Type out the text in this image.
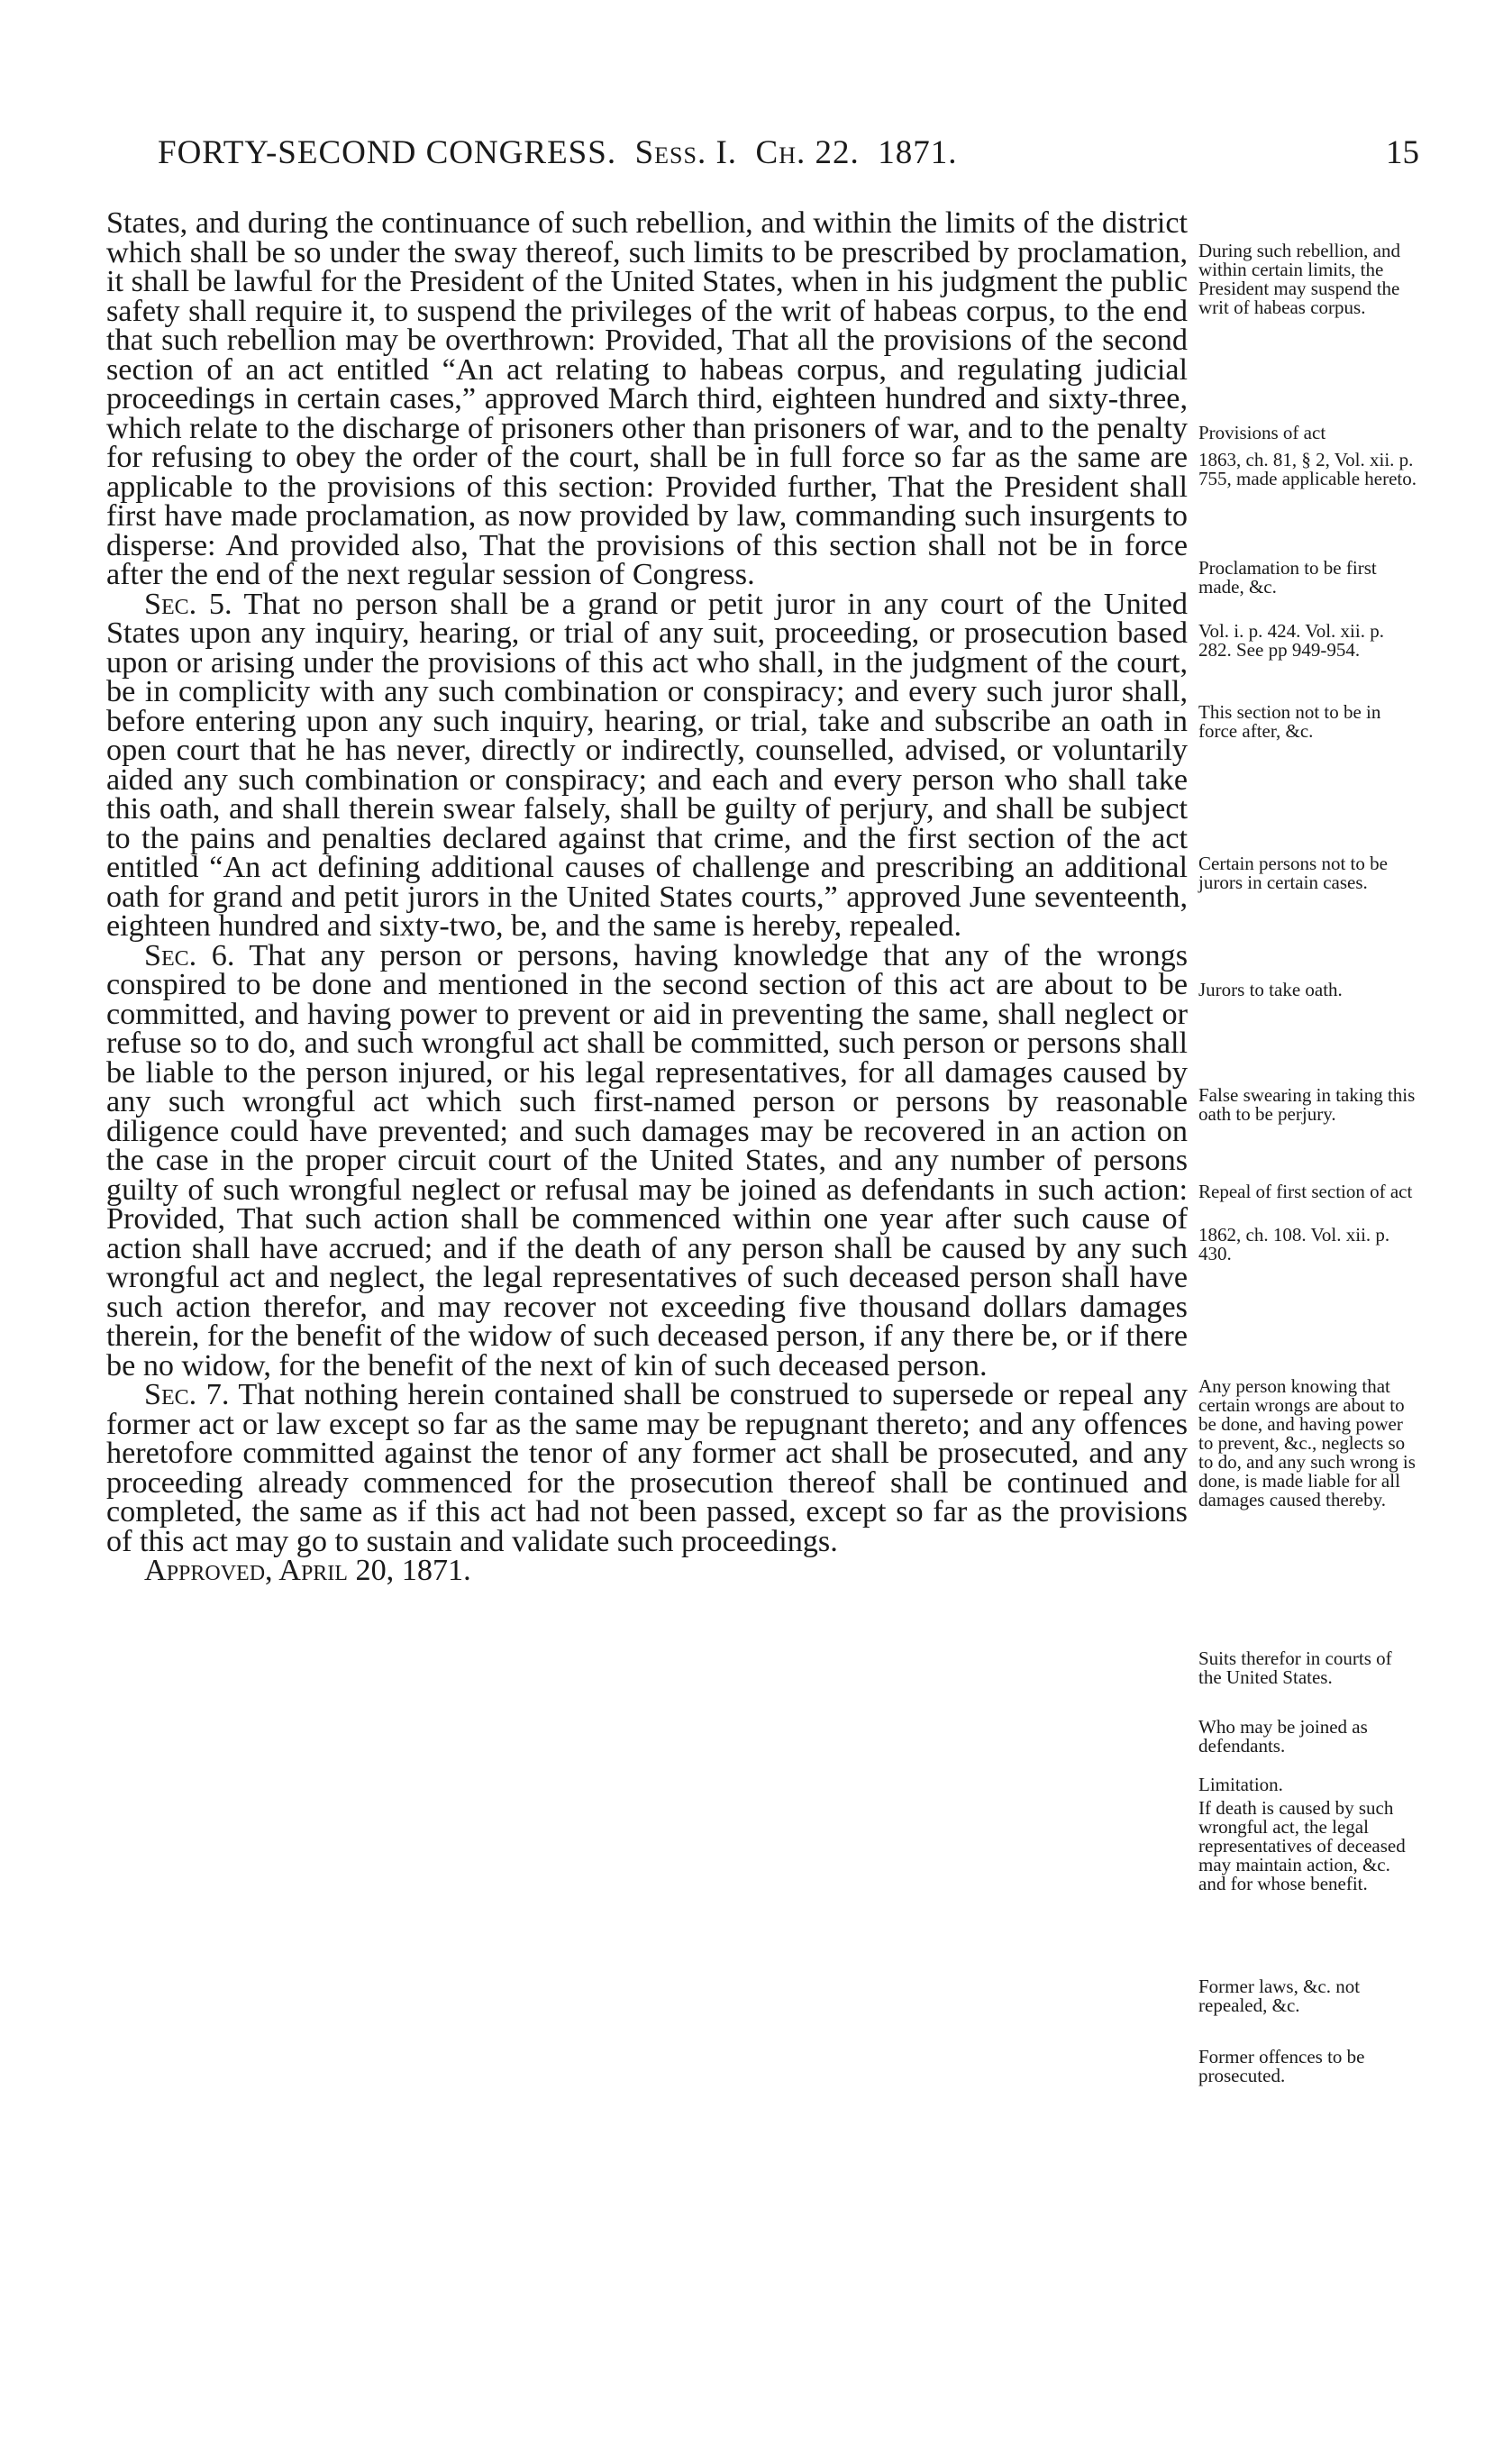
FORTY-SECOND CONGRESS. Sess. I. Ch. 22. 1871.	15

States, and during the continuance of such rebellion, and within the limits of the district which shall be so under the sway thereof, such limits to be prescribed by proclamation, it shall be lawful for the President of the United States, when in his judgment the public safety shall require it, to suspend the privileges of the writ of habeas corpus, to the end that such rebellion may be overthrown: Provided, That all the provisions of the second section of an act entitled “An act relating to habeas corpus, and regulating judicial proceedings in certain cases,” approved March third, eighteen hundred and sixty-three, which relate to the discharge of prisoners other than prisoners of war, and to the penalty for refusing to obey the order of the court, shall be in full force so far as the same are applicable to the provisions of this section: Provided further, That the President shall first have made proclamation, as now provided by law, commanding such insurgents to disperse: And provided also, That the provisions of this section shall not be in force after the end of the next regular session of Congress.

Sec. 5. That no person shall be a grand or petit juror in any court of the United States upon any inquiry, hearing, or trial of any suit, proceeding, or prosecution based upon or arising under the provisions of this act who shall, in the judgment of the court, be in complicity with any such combination or conspiracy; and every such juror shall, before entering upon any such inquiry, hearing, or trial, take and subscribe an oath in open court that he has never, directly or indirectly, counselled, advised, or voluntarily aided any such combination or conspiracy; and each and every person who shall take this oath, and shall therein swear falsely, shall be guilty of perjury, and shall be subject to the pains and penalties declared against that crime, and the first section of the act entitled “An act defining additional causes of challenge and prescribing an additional oath for grand and petit jurors in the United States courts,” approved June seventeenth, eighteen hundred and sixty-two, be, and the same is hereby, repealed.

Sec. 6. That any person or persons, having knowledge that any of the wrongs conspired to be done and mentioned in the second section of this act are about to be committed, and having power to prevent or aid in preventing the same, shall neglect or refuse so to do, and such wrongful act shall be committed, such person or persons shall be liable to the person injured, or his legal representatives, for all damages caused by any such wrongful act which such first-named person or persons by reasonable diligence could have prevented; and such damages may be recovered in an action on the case in the proper circuit court of the United States, and any number of persons guilty of such wrongful neglect or refusal may be joined as defendants in such action: Provided, That such action shall be commenced within one year after such cause of action shall have accrued; and if the death of any person shall be caused by any such wrongful act and neglect, the legal representatives of such deceased person shall have such action therefor, and may recover not exceeding five thousand dollars damages therein, for the benefit of the widow of such deceased person, if any there be, or if there be no widow, for the benefit of the next of kin of such deceased person.

Sec. 7. That nothing herein contained shall be construed to supersede or repeal any former act or law except so far as the same may be repugnant thereto; and any offences heretofore committed against the tenor of any former act shall be prosecuted, and any proceeding already commenced for the prosecution thereof shall be continued and completed, the same as if this act had not been passed, except so far as the provisions of this act may go to sustain and validate such proceedings.

Approved, April 20, 1871.
During such rebellion, and within certain limits, the President may suspend the writ of habeas corpus.
Provisions of act
1863, ch. 81, § 2, Vol. xii. p. 755, made applicable hereto.
Proclamation to be first made, &c.
Vol. i. p. 424. Vol. xii. p. 282. See pp 949-954.
This section not to be in force after, &c.
Certain persons not to be jurors in certain cases.
Jurors to take oath.
False swearing in taking this oath to be perjury.
Repeal of first section of act
1862, ch. 108. Vol. xii. p. 430.
Any person knowing that certain wrongs are about to be done, and having power to prevent, &c., neglects so to do, and any such wrong is done, is made liable for all damages caused thereby.
Suits therefor in courts of the United States.
Who may be joined as defendants.
Limitation.
If death is caused by such wrongful act, the legal representatives of deceased may maintain action, &c. and for whose benefit.
Former laws, &c. not repealed, &c.
Former offences to be prosecuted.
